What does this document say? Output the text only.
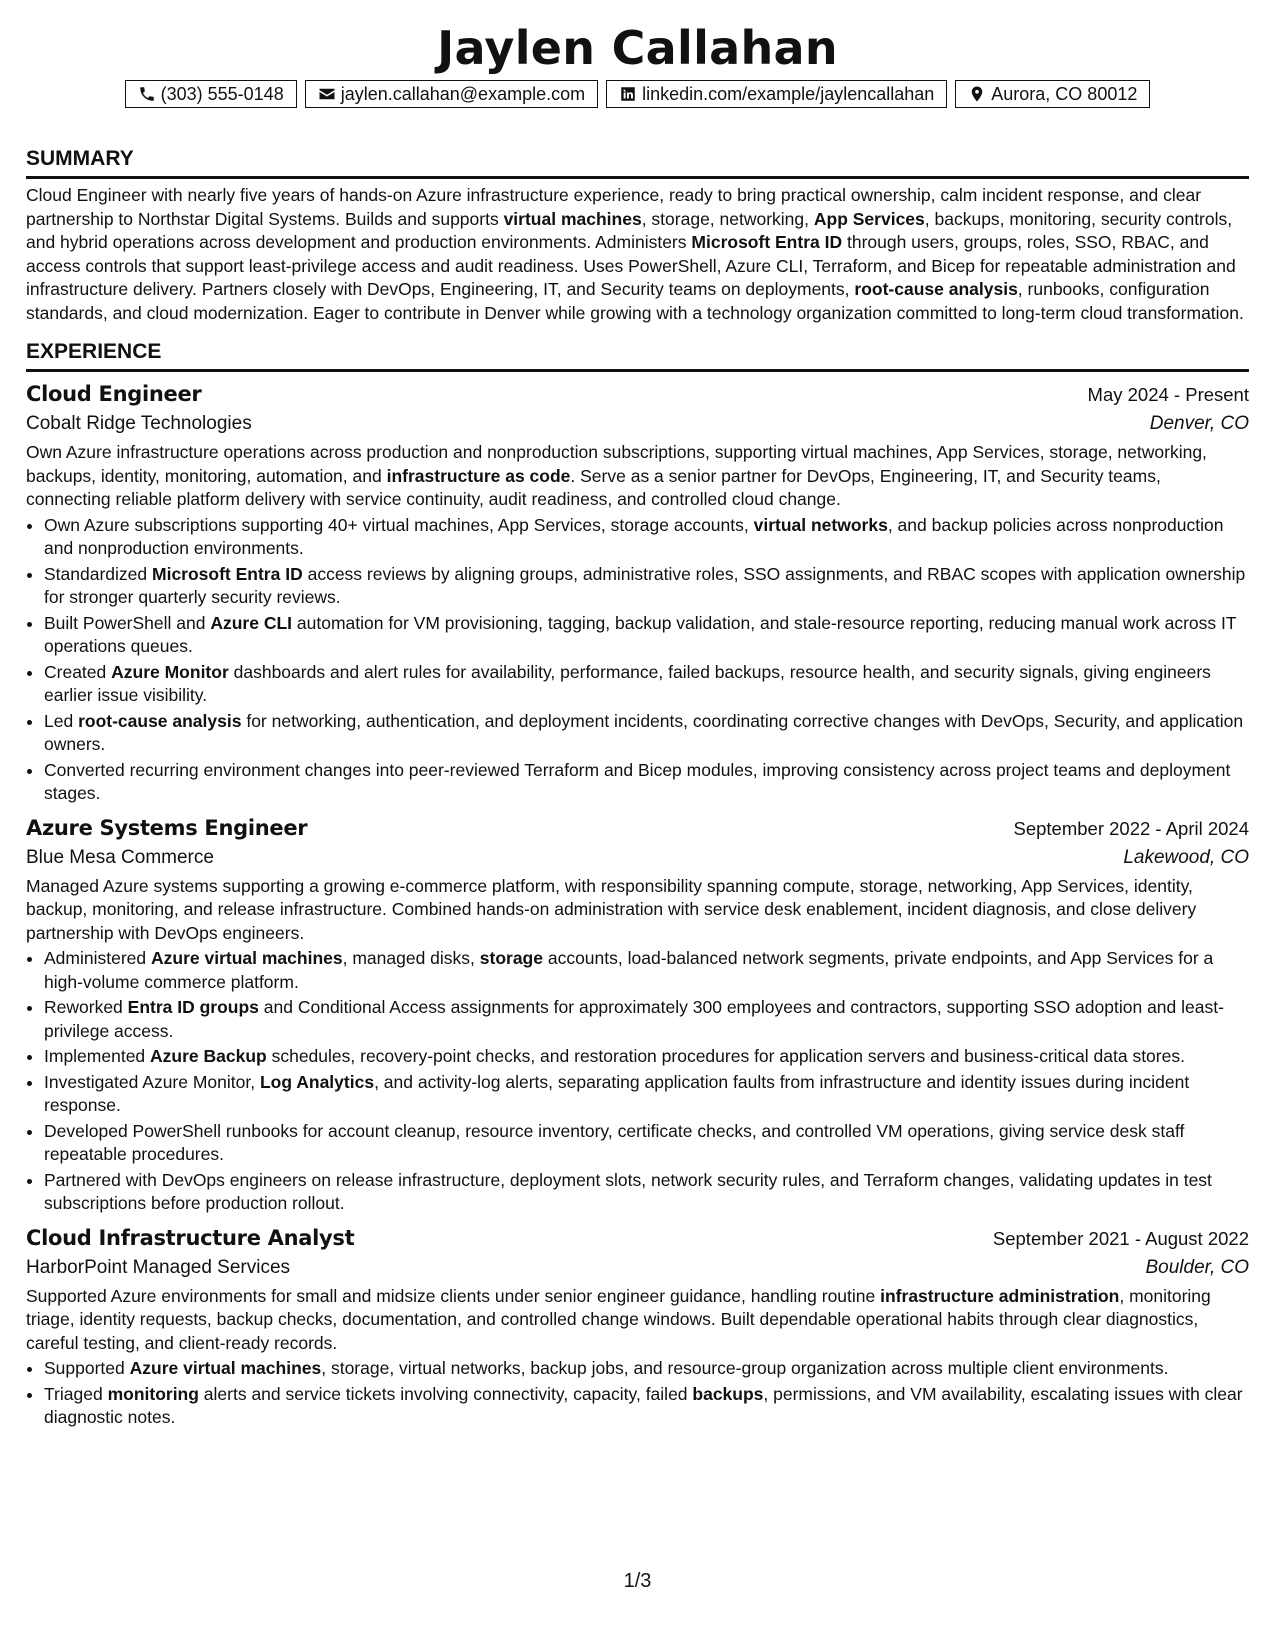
Jaylen Callahan
(303) 555-0148	jaylen.callahan@example.com	linkedin.com/example/jaylencallahan	Aurora, CO 80012
SUMMARY

Cloud Engineer with nearly five years of hands-on Azure infrastructure experience, ready to bring practical ownership, calm incident response, and clear partnership to Northstar Digital Systems. Builds and supports virtual machines, storage, networking, App Services, backups, monitoring, security controls, and hybrid operations across development and production environments. Administers Microsoft Entra ID through users, groups, roles, SSO, RBAC, and access controls that support least-privilege access and audit readiness. Uses PowerShell, Azure CLI, Terraform, and Bicep for repeatable administration and infrastructure delivery. Partners closely with DevOps, Engineering, IT, and Security teams on deployments, root-cause analysis, runbooks, configuration standards, and cloud modernization. Eager to contribute in Denver while growing with a technology organization committed to long-term cloud transformation.

EXPERIENCE
Cloud Engineer	May 2024 - Present
Cobalt Ridge Technologies	Denver, CO

Own Azure infrastructure operations across production and nonproduction subscriptions, supporting virtual machines, App Services, storage, networking, backups, identity, monitoring, automation, and infrastructure as code. Serve as a senior partner for DevOps, Engineering, IT, and Security teams, connecting reliable platform delivery with service continuity, audit readiness, and controlled cloud change.

• Own Azure subscriptions supporting 40+ virtual machines, App Services, storage accounts, virtual networks, and backup policies across nonproduction and nonproduction environments.
• Standardized Microsoft Entra ID access reviews by aligning groups, administrative roles, SSO assignments, and RBAC scopes with application ownership for stronger quarterly security reviews.
• Built PowerShell and Azure CLI automation for VM provisioning, tagging, backup validation, and stale-resource reporting, reducing manual work across IT operations queues.
• Created Azure Monitor dashboards and alert rules for availability, performance, failed backups, resource health, and security signals, giving engineers earlier issue visibility.
• Led root-cause analysis for networking, authentication, and deployment incidents, coordinating corrective changes with DevOps, Security, and application owners.
• Converted recurring environment changes into peer-reviewed Terraform and Bicep modules, improving consistency across project teams and deployment stages.
Azure Systems Engineer	September 2022 - April 2024
Blue Mesa Commerce	Lakewood, CO

Managed Azure systems supporting a growing e-commerce platform, with responsibility spanning compute, storage, networking, App Services, identity, backup, monitoring, and release infrastructure. Combined hands-on administration with service desk enablement, incident diagnosis, and close delivery partnership with DevOps engineers.

• Administered Azure virtual machines, managed disks, storage accounts, load-balanced network segments, private endpoints, and App Services for a high-volume commerce platform.
• Reworked Entra ID groups and Conditional Access assignments for approximately 300 employees and contractors, supporting SSO adoption and least-privilege access.
• Implemented Azure Backup schedules, recovery-point checks, and restoration procedures for application servers and business-critical data stores.
• Investigated Azure Monitor, Log Analytics, and activity-log alerts, separating application faults from infrastructure and identity issues during incident response.
• Developed PowerShell runbooks for account cleanup, resource inventory, certificate checks, and controlled VM operations, giving service desk staff repeatable procedures.
• Partnered with DevOps engineers on release infrastructure, deployment slots, network security rules, and Terraform changes, validating updates in test subscriptions before production rollout.
Cloud Infrastructure Analyst	September 2021 - August 2022
HarborPoint Managed Services	Boulder, CO

Supported Azure environments for small and midsize clients under senior engineer guidance, handling routine infrastructure administration, monitoring triage, identity requests, backup checks, documentation, and controlled change windows. Built dependable operational habits through clear diagnostics, careful testing, and client-ready records.

• Supported Azure virtual machines, storage, virtual networks, backup jobs, and resource-group organization across multiple client environments.
• Triaged monitoring alerts and service tickets involving connectivity, capacity, failed backups, permissions, and VM availability, escalating issues with clear diagnostic notes.
1/3
